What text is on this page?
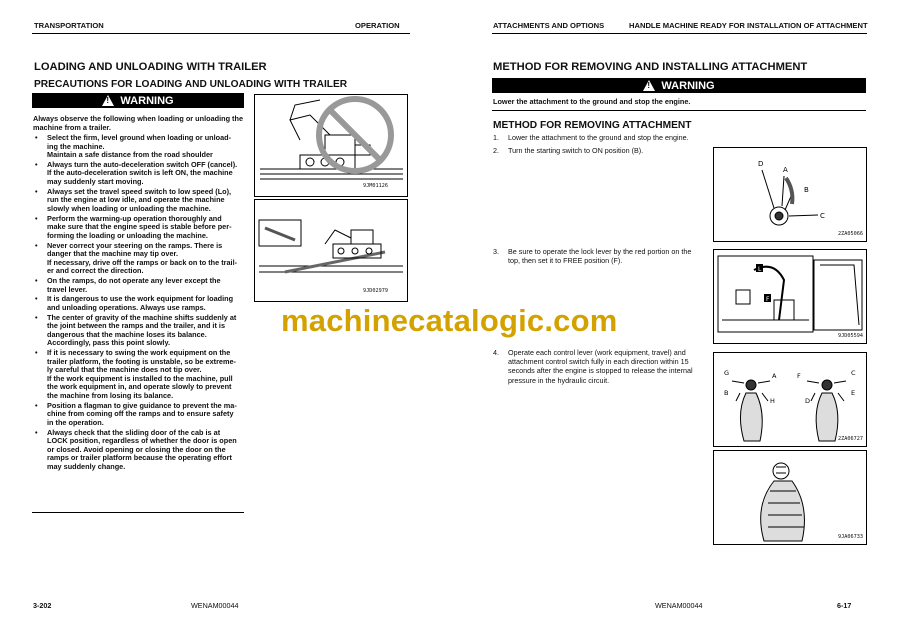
TRANSPORTATION	OPERATION
LOADING AND UNLOADING WITH TRAILER
PRECAUTIONS FOR LOADING AND UNLOADING WITH TRAILER
!
WARNING
Always observe the following when loading or unloading the machine from a trailer.
• Select the firm, level ground when loading or unload-
ing the machine.
Maintain a safe distance from the road shoulder
• Always turn the auto-deceleration switch OFF (cancel).
If the auto-deceleration switch is left ON, the machine
may suddenly start moving.
• Always set the travel speed switch to low speed (Lo),
run the engine at low idle, and operate the machine
slowly when loading or unloading the machine.
• Perform the warming-up operation thoroughly and
make sure that the engine speed is stable before per-
forming the loading or unloading the machine.
• Never correct your steering on the ramps. There is
danger that the machine may tip over.
If necessary, drive off the ramps or back on to the trail-
er and correct the direction.
• On the ramps, do not operate any lever except the
travel lever.
• It is dangerous to use the work equipment for loading
and unloading operations. Always use ramps.
• The center of gravity of the machine shifts suddenly at
the joint between the ramps and the trailer, and it is
dangerous that the machine loses its balance.
Accordingly, pass this point slowly.
• If it is necessary to swing the work equipment on the
trailer platform, the footing is unstable, so be extreme-
ly careful that the machine does not tip over.
If the work equipment is installed to the machine, pull
the work equipment in, and operate slowly to prevent
the machine from losing its balance.
• Position a flagman to give guidance to prevent the ma-
chine from coming off the ramps and to ensure safety
in the operation.
• Always check that the sliding door of the cab is at
LOCK position, regardless of whether the door is open
or closed. Avoid opening or closing the door on the
ramps or trailer platform because the operating effort
may suddenly change.
9JM01126
9JD02979
3-202	WENAM00044
ATTACHMENTS AND OPTIONS	HANDLE MACHINE READY FOR INSTALLATION OF ATTACHMENT
METHOD FOR REMOVING AND INSTALLING ATTACHMENT
!
WARNING
Lower the attachment to the ground and stop the engine.
METHOD FOR REMOVING ATTACHMENT
1. Lower the attachment to the ground and stop the engine.
2. Turn the starting switch to ON position (B).
3. Be sure to operate the lock lever by the red portion on the
top, then set it to FREE position (F).
4. Operate each control lever (work equipment, travel) and
attachment control switch fully in each direction within 15
seconds after the engine is stopped to release the internal
pressure in the hydraulic circuit.
D
A
B
C
2ZA05066
L
F
9JD05594
G	A	F	C
B
H	D
E
2ZA06727
9JA06733
WENAM00044	6-17
machinecatalogic.com
